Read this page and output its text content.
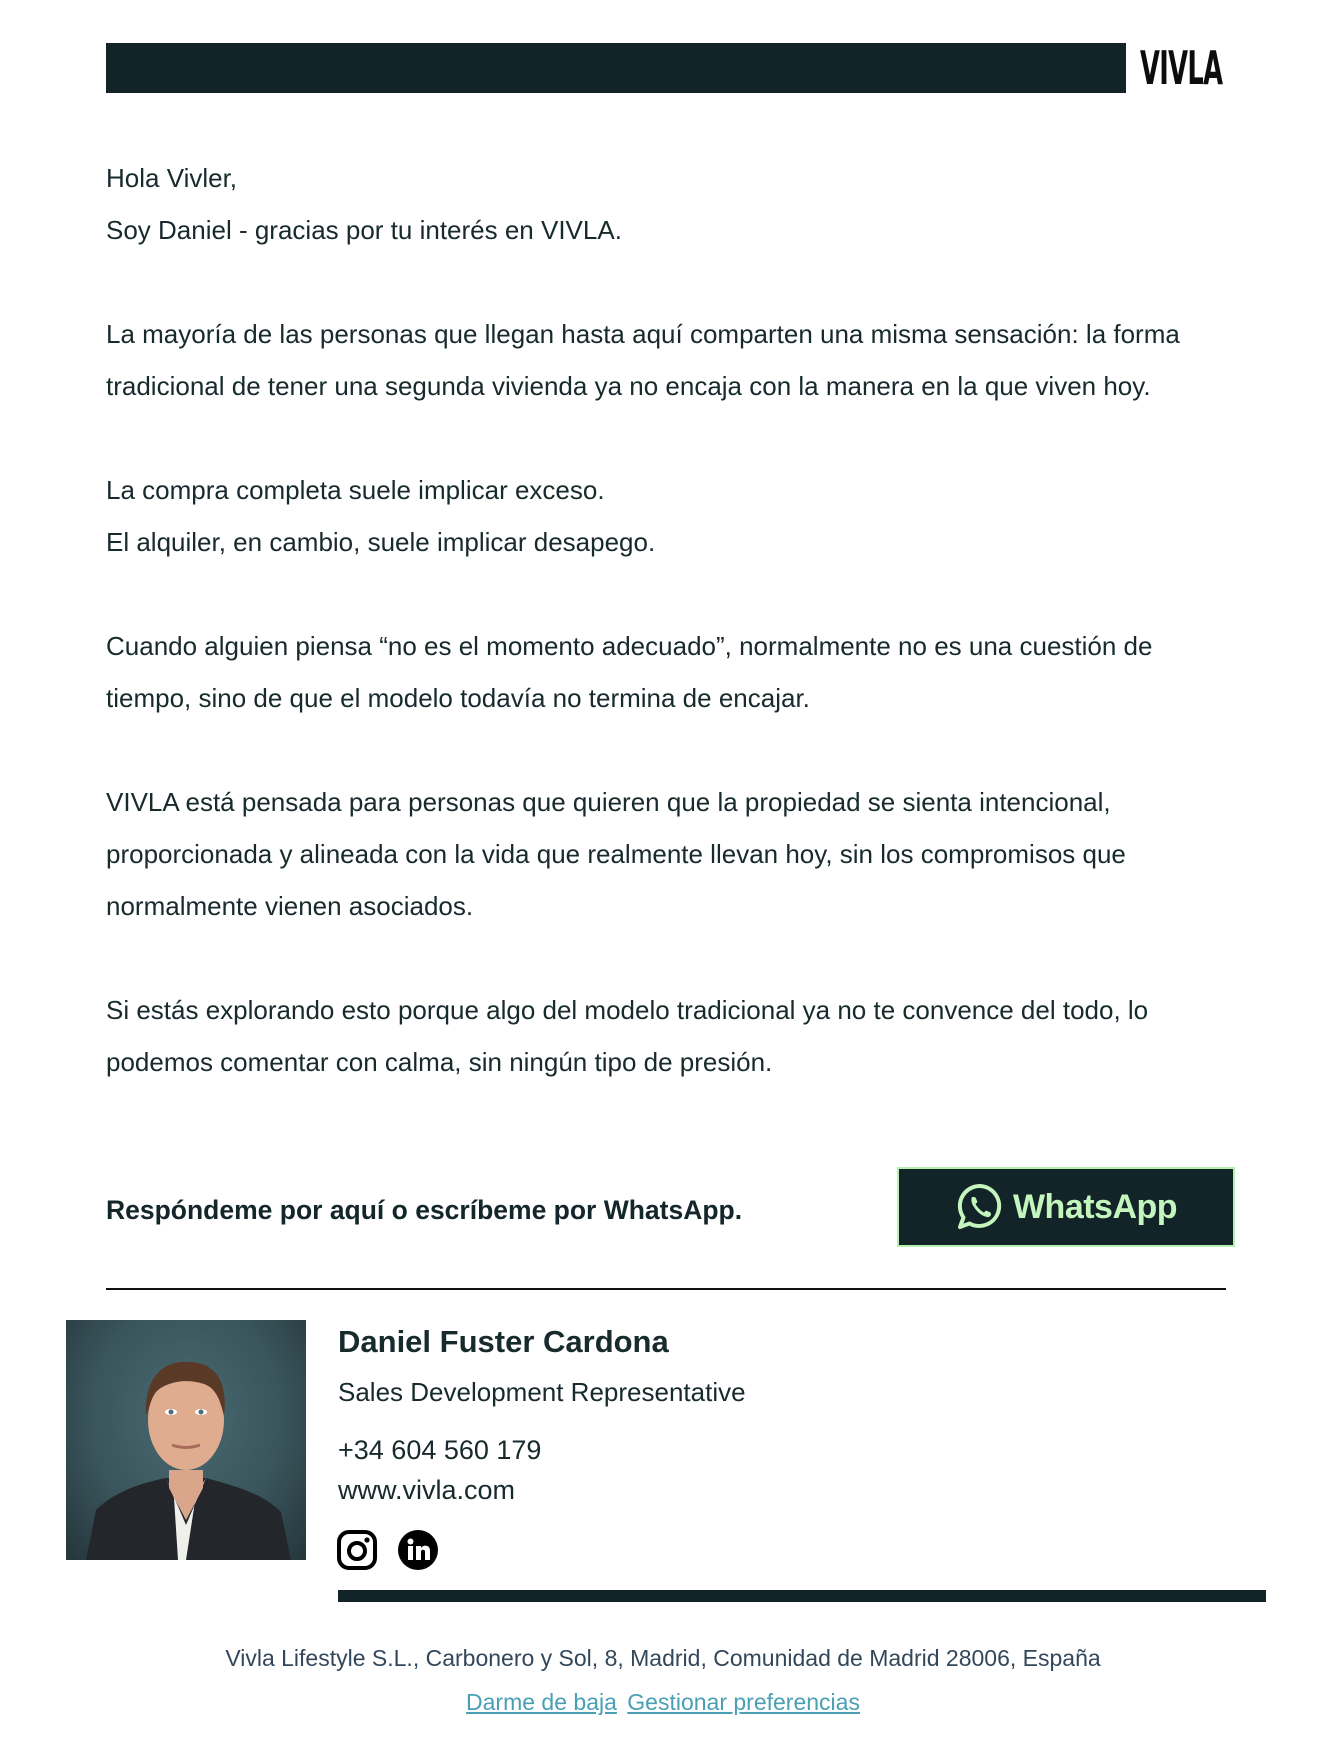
VIVLA

Hola Vivler,

Soy Daniel - gracias por tu interés en VIVLA.

La mayoría de las personas que llegan hasta aquí comparten una misma sensación: la forma tradicional de tener una segunda vivienda ya no encaja con la manera en la que viven hoy.

La compra completa suele implicar exceso.

El alquiler, en cambio, suele implicar desapego.

Cuando alguien piensa “no es el momento adecuado”, normalmente no es una cuestión de tiempo, sino de que el modelo todavía no termina de encajar.

VIVLA está pensada para personas que quieren que la propiedad se sienta intencional, proporcionada y alineada con la vida que realmente llevan hoy, sin los compromisos que normalmente vienen asociados.

Si estás explorando esto porque algo del modelo tradicional ya no te convence del todo, lo podemos comentar con calma, sin ningún tipo de presión.

Respóndeme por aquí o escríbeme por WhatsApp.	WhatsApp
Daniel Fuster Cardona
Sales Development Representative
+34 604 560 179
www.vivla.com
Vivla Lifestyle S.L., Carbonero y Sol, 8, Madrid, Comunidad de Madrid 28006, España
Darme de baja Gestionar preferencias
